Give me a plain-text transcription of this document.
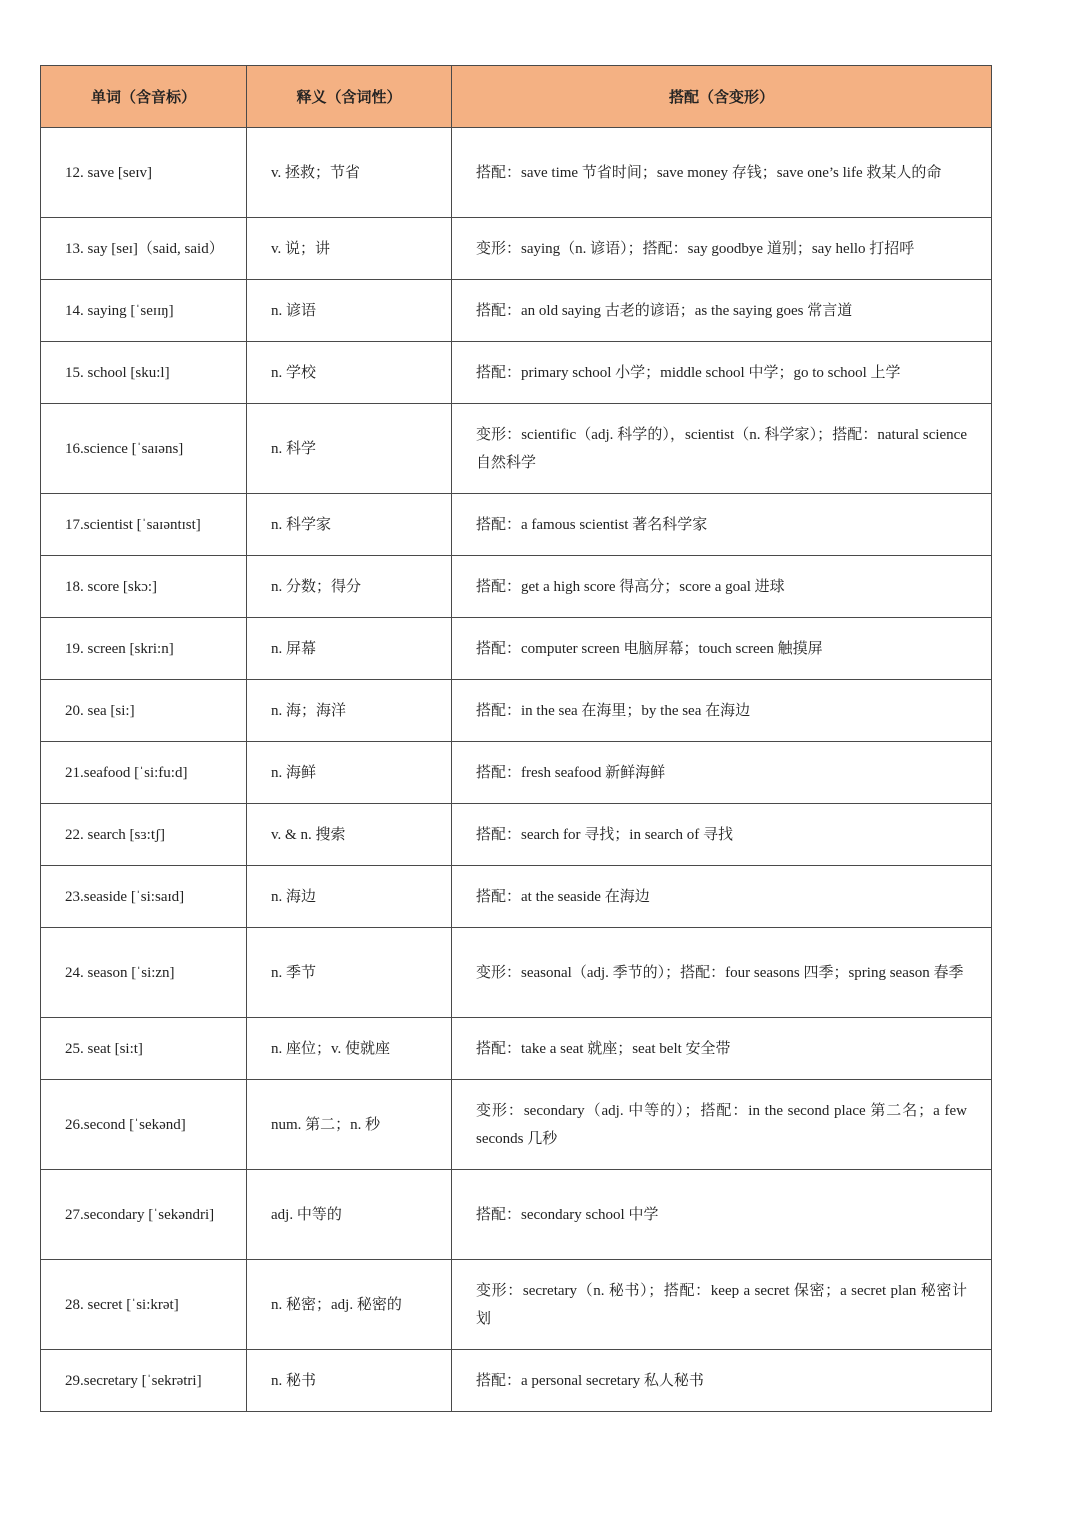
单词（含音标）	释义（含词性）	搭配（含变形）
12. save [seɪv]	v. 拯救；节省	搭配：save time 节省时间；save money 存钱；save one’s life 救某人的命
13. say [seɪ]（said, said）	v. 说；讲	变形：saying（n. 谚语）；搭配：say goodbye 道别；say hello 打招呼
14. saying [ˈseɪɪŋ]	n. 谚语	搭配：an old saying 古老的谚语；as the saying goes 常言道
15. school [sku:l]	n. 学校	搭配：primary school 小学；middle school 中学；go to school 上学
16.science [ˈsaɪəns]	n. 科学	变形：scientific（adj. 科学的），scientist（n. 科学家）；搭配：natural science 自然科学
17.scientist [ˈsaɪəntɪst]	n. 科学家	搭配：a famous scientist 著名科学家
18. score [skɔ:]	n. 分数；得分	搭配：get a high score 得高分；score a goal 进球
19. screen [skri:n]	n. 屏幕	搭配：computer screen 电脑屏幕；touch screen 触摸屏
20. sea [si:]	n. 海；海洋	搭配：in the sea 在海里；by the sea 在海边
21.seafood [ˈsi:fu:d]	n. 海鲜	搭配：fresh seafood 新鲜海鲜
22. search [sɜ:tʃ]	v. & n. 搜索	搭配：search for 寻找；in search of 寻找
23.seaside [ˈsi:saɪd]	n. 海边	搭配：at the seaside 在海边
24. season [ˈsi:zn]	n. 季节	变形：seasonal（adj. 季节的）；搭配：four seasons 四季；spring season 春季
25. seat [si:t]	n. 座位；v. 使就座	搭配：take a seat 就座；seat belt 安全带
26.second [ˈsekənd]	num. 第二；n. 秒	变形：secondary（adj. 中等的）；搭配：in the second place 第二名；a few seconds 几秒
27.secondary [ˈsekəndri]	adj. 中等的	搭配：secondary school 中学
28. secret [ˈsi:krət]	n. 秘密；adj. 秘密的	变形：secretary（n. 秘书）；搭配：keep a secret 保密；a secret plan 秘密计划
29.secretary [ˈsekrətri]	n. 秘书	搭配：a personal secretary 私人秘书
